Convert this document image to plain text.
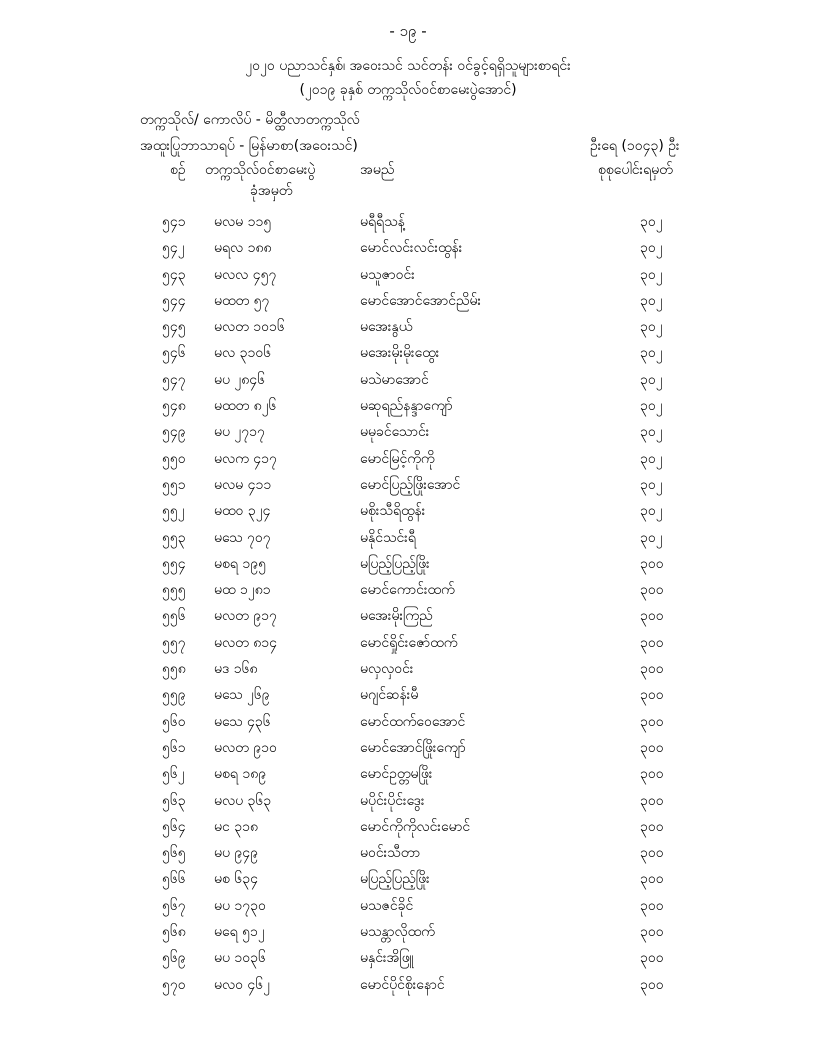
- ၁၉ -
၂၀၂၀ ပညာသင်နှစ်၊ အဝေးသင် သင်တန်း ဝင်ခွင့်ရရှိသူများစာရင်း
(၂၀၁၉ ခုနှစ် တက္ကသိုလ်ဝင်စာမေးပွဲအောင်)
တက္ကသိုလ်/ ကောလိပ် - မိတ္ထီလာတက္ကသိုလ်
အထူးပြုဘာသာရပ် - မြန်မာစာ(အဝေးသင်)	ဦးရေ (၁၀၄၃) ဦး
စဉ် တက္ကသိုလ်ဝင်စာမေးပွဲ
ခုံအမှတ်
အမည်	စုစုပေါင်းရမှတ်
၅၄၁ မလမ ၁၁၅	မရီရီသန့်	၃၀၂
၅၄၂ မရလ ၁၈၈	မောင်လင်းလင်းထွန်း	၃၀၂
၅၄၃ မလလ ၄၅၇	မသူဇာဝင်း	၃၀၂
၅၄၄ မထတ ၅၇	မောင်အောင်အောင်ညိမ်း	၃၀၂
၅၄၅ မလတ ၁၀၁၆	မအေးနွယ်	၃၀၂
၅၄၆ မလ ၃၁၀၆	မအေးမိုးမိုးထွေး	၃၀၂
၅၄၇ မပ ၂၈၄၆	မသဲမာအောင်	၃၀၂
၅၄၈ မထတ ၈၂၆	မဆုရည်နန္ဒာကျော်	၃၀၂
၅၄၉ မပ ၂၇၁၇	မမုခင်သောင်း	၃၀၂
၅၅၀ မလက ၄၁၇	မောင်မြင့်ကိုကို	၃၀၂
၅၅၁ မလမ ၄၁၁	မောင်ပြည့်ဖြိုးအောင်	၃၀၂
၅၅၂ မထဝ ၃၂၄	မစိုးသီရိထွန်း	၃၀၂
၅၅၃ မသေ ၇၀၇	မနိုင်သင်းရီ	၃၀၂
၅၅၄ မစရ ၁၉၅	မပြည့်ပြည့်ဖြိုး	၃၀၀
၅၅၅ မထ ၁၂၈၁	မောင်ကောင်းထက်	၃၀၀
၅၅၆ မလတ ၉၁၇	မအေးမိုးကြည်	၃၀၀
၅၅၇ မလတ ၈၁၄	မောင်ရှိုင်းဇော်ထက်	၃၀၀
၅၅၈ မဒ ၁၆၈	မလှလှဝင်း	၃၀၀
၅၅၉ မသေ ၂၆၉	မဂျင်ဆန်းမီ	၃၀၀
၅၆၀ မသေ ၄၃၆	မောင်ထက်ဝေအောင်	၃၀၀
၅၆၁ မလတ ၉၁၀	မောင်အောင်ဖြိုးကျော်	၃၀၀
၅၆၂ မစရ ၁၈၉	မောင်ဥတ္တမဖြိုး	၃၀၀
၅၆၃ မလပ ၃၆၃	မပိုင်းပိုင်းဒွေး	၃၀၀
၅၆၄ မင ၃၁၈	မောင်ကိုကိုလင်းမောင်	၃၀၀
၅၆၅ မပ ၉၄၉	မဝင်းသီတာ	၃၀၀
၅၆၆ မစ ၆၃၄	မပြည့်ပြည့်ဖြိုး	၃၀၀
၅၆၇ မပ ၁၇၃၀	မသဇင်ခိုင်	၃၀၀
၅၆၈ မရေ ၅၁၂	မသန္တာလိုထက်	၃၀၀
၅၆၉ မပ ၁၀၃၆	မနှင်းအိဖြူ	၃၀၀
၅၇၀ မလဝ ၄၆၂	မောင်ပိုင်စိုးနောင်	၃၀၀
